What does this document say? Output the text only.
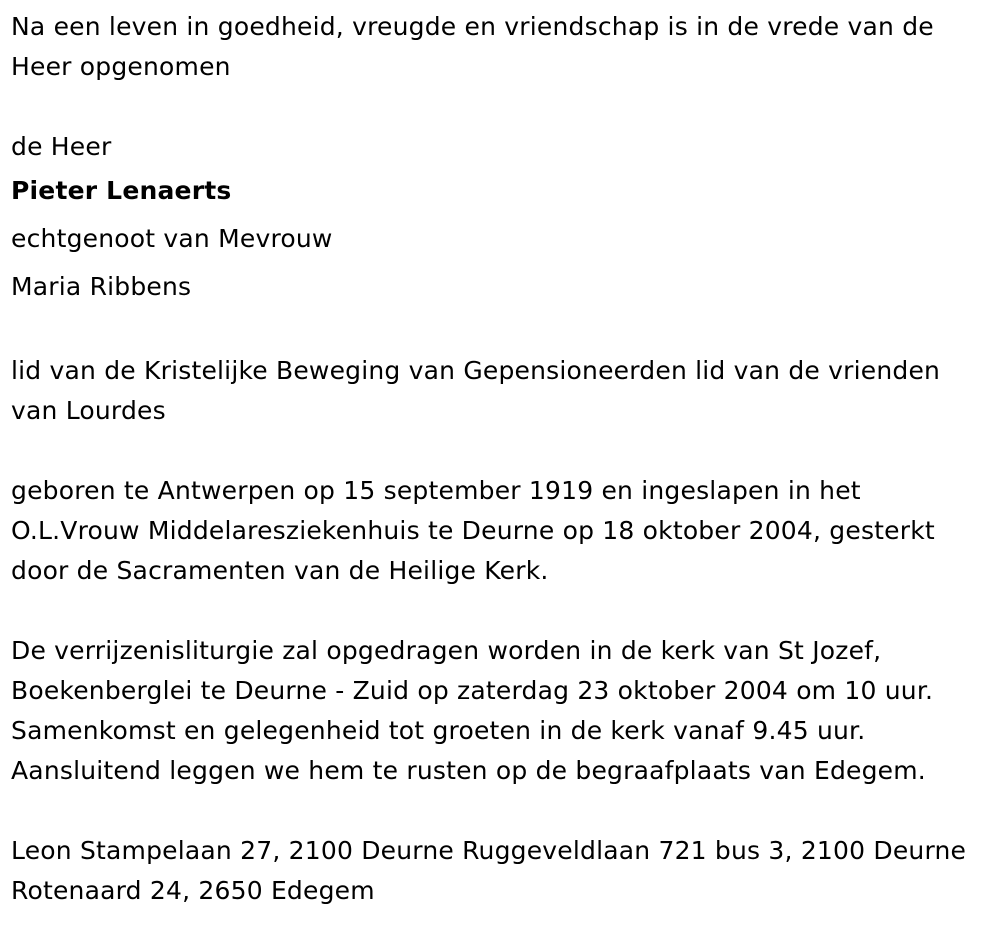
Na een leven in goedheid, vreugde en vriendschap is in de vrede van de Heer opgenomen

de Heer

Pieter Lenaerts

echtgenoot van Mevrouw

Maria Ribbens

lid van de Kristelijke Beweging van Gepensioneerden lid van de vrienden van Lourdes

geboren te Antwerpen op 15 september 1919 en ingeslapen in het O.L.Vrouw Middelaresziekenhuis te Deurne op 18 oktober 2004, gesterkt door de Sacramenten van de Heilige Kerk.

De verrijzenisliturgie zal opgedragen worden in de kerk van St Jozef,

Boekenberglei te Deurne - Zuid op zaterdag 23 oktober 2004 om 10 uur.

Samenkomst en gelegenheid tot groeten in de kerk vanaf 9.45 uur.

Aansluitend leggen we hem te rusten op de begraafplaats van Edegem.

Leon Stampelaan 27, 2100 Deurne Ruggeveldlaan 721 bus 3, 2100 Deurne

Rotenaard 24, 2650 Edegem
